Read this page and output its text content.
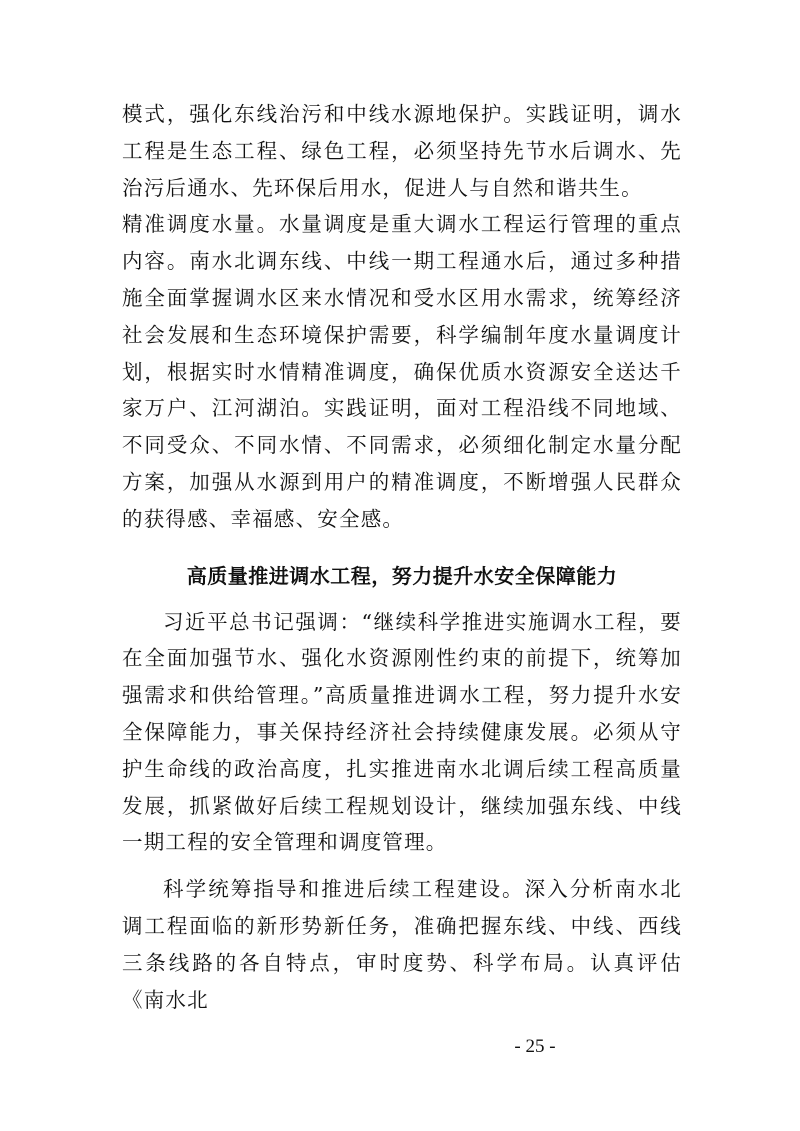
模式，强化东线治污和中线水源地保护。实践证明，调水工程是生态工程、绿色工程，必须坚持先节水后调水、先治污后通水、先环保后用水，促进人与自然和谐共生。

精准调度水量。水量调度是重大调水工程运行管理的重点内容。南水北调东线、中线一期工程通水后，通过多种措施全面掌握调水区来水情况和受水区用水需求，统筹经济社会发展和生态环境保护需要，科学编制年度水量调度计划，根据实时水情精准调度，确保优质水资源安全送达千家万户、江河湖泊。实践证明，面对工程沿线不同地域、不同受众、不同水情、不同需求，必须细化制定水量分配方案，加强从水源到用户的精准调度，不断增强人民群众的获得感、幸福感、安全感。

高质量推进调水工程，努力提升水安全保障能力

习近平总书记强调：“继续科学推进实施调水工程，要在全面加强节水、强化水资源刚性约束的前提下，统筹加强需求和供给管理。”高质量推进调水工程，努力提升水安全保障能力，事关保持经济社会持续健康发展。必须从守护生命线的政治高度，扎实推进南水北调后续工程高质量发展，抓紧做好后续工程规划设计，继续加强东线、中线一期工程的安全管理和调度管理。

科学统筹指导和推进后续工程建设。深入分析南水北调工程面临的新形势新任务，准确把握东线、中线、西线三条线路的各自特点，审时度势、科学布局。认真评估《南水北

- 25 -
